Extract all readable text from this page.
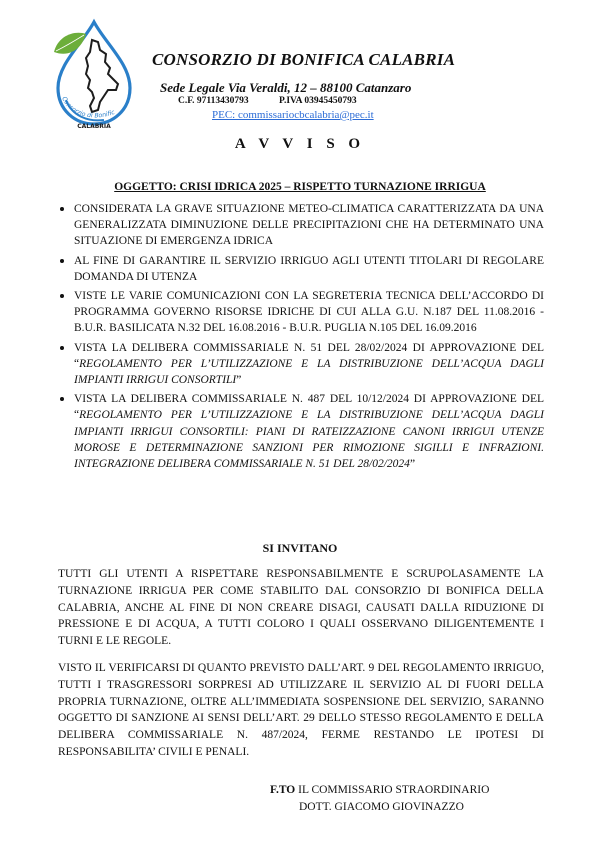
Consorzio di Bonifica
CALABRIA
CONSORZIO DI BONIFICA CALABRIA
Sede Legale Via Veraldi, 12 – 88100 Catanzaro
C.F. 97113430793	P.IVA 03945450793
PEC: commissariocbcalabria@pec.it
A V V I S O
OGGETTO: CRISI IDRICA 2025 – RISPETTO TURNAZIONE IRRIGUA
CONSIDERATA LA GRAVE SITUAZIONE METEO-CLIMATICA CARATTERIZZATA DA UNA GENERALIZZATA DIMINUZIONE DELLE PRECIPITAZIONI CHE HA DETERMINATO UNA SITUAZIONE DI EMERGENZA IDRICA
AL FINE DI GARANTIRE IL SERVIZIO IRRIGUO AGLI UTENTI TITOLARI DI REGOLARE DOMANDA DI UTENZA
VISTE LE VARIE COMUNICAZIONI CON LA SEGRETERIA TECNICA DELL’ACCORDO DI PROGRAMMA GOVERNO RISORSE IDRICHE DI CUI ALLA G.U. N.187 DEL 11.08.2016 - B.U.R. BASILICATA N.32 DEL 16.08.2016 - B.U.R. PUGLIA N.105 DEL 16.09.2016
VISTA LA DELIBERA COMMISSARIALE N. 51 DEL 28/02/2024 DI APPROVAZIONE DEL “REGOLAMENTO PER L’UTILIZZAZIONE E LA DISTRIBUZIONE DELL’ACQUA DAGLI IMPIANTI IRRIGUI CONSORTILI”
VISTA LA DELIBERA COMMISSARIALE N. 487 DEL 10/12/2024 DI APPROVAZIONE DEL “REGOLAMENTO PER L’UTILIZZAZIONE E LA DISTRIBUZIONE DELL’ACQUA DAGLI IMPIANTI IRRIGUI CONSORTILI: PIANI DI RATEIZZAZIONE CANONI IRRIGUI UTENZE MOROSE E DETERMINAZIONE SANZIONI PER RIMOZIONE SIGILLI E INFRAZIONI. INTEGRAZIONE DELIBERA COMMISSARIALE N. 51 DEL 28/02/2024”
SI INVITANO

TUTTI GLI UTENTI A RISPETTARE RESPONSABILMENTE E SCRUPOLASAMENTE LA TURNAZIONE IRRIGUA PER COME STABILITO DAL CONSORZIO DI BONIFICA DELLA CALABRIA, ANCHE AL FINE DI NON CREARE DISAGI, CAUSATI DALLA RIDUZIONE DI PRESSIONE E DI ACQUA, A TUTTI COLORO I QUALI OSSERVANO DILIGENTEMENTE I TURNI E LE REGOLE.

VISTO IL VERIFICARSI DI QUANTO PREVISTO DALL’ART. 9 DEL REGOLAMENTO IRRIGUO, TUTTI I TRASGRESSORI SORPRESI AD UTILIZZARE IL SERVIZIO AL DI FUORI DELLA PROPRIA TURNAZIONE, OLTRE ALL’IMMEDIATA SOSPENSIONE DEL SERVIZIO, SARANNO OGGETTO DI SANZIONE AI SENSI DELL’ART. 29 DELLO STESSO REGOLAMENTO E DELLA DELIBERA COMMISSARIALE N. 487/2024, FERME RESTANDO LE IPOTESI DI RESPONSABILITA’ CIVILI E PENALI.

F.TO IL COMMISSARIO STRAORDINARIO
DOTT. GIACOMO GIOVINAZZO
